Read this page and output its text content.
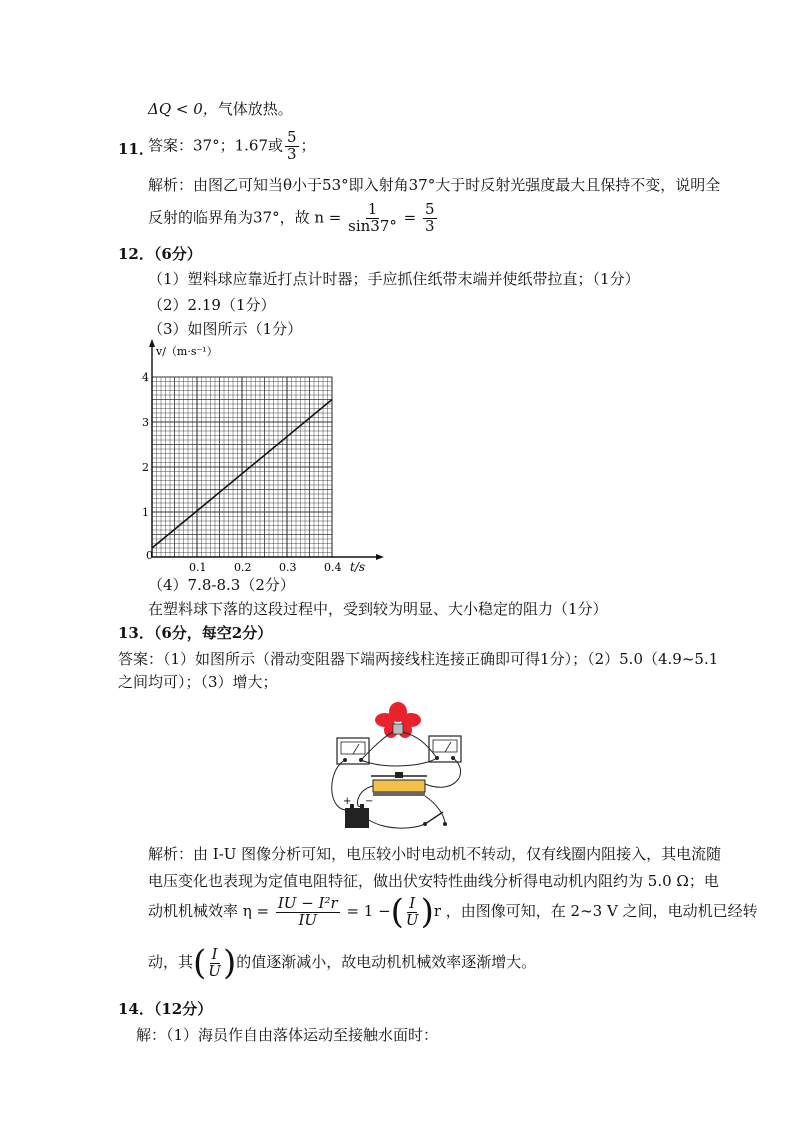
ΔQ < 0，气体放热。
11．
答案：37°；1.67或 $\frac{5}{3}$ ；
解析：由图乙可知当θ小于53°即入射角37°大于时反射光强度最大且保持不变，说明全
反射的临界角为37°，故 $n = \frac{1}{\sin 37^\circ} = \frac{5}{3}$
12．（6分）
（1）塑料球应靠近打点计时器；手应抓住纸带末端并使纸带拉直；（1分）
（2）2.19（1分）
（3）如图所示（1分）
v/（m·s⁻¹）
t/s
0
0.1	0.2	0.3	0.4
1
2
3
4
（4）7.8-8.3（2分）
在塑料球下落的这段过程中，受到较为明显、大小稳定的阻力（1分）
13．（6分，每空2分）
答案：（1）如图所示（滑动变阻器下端两接线柱连接正确即可得1分）；（2）5.0（4.9~5.1
之间均可）；（3）增大；
+ −
解析：由 I-U 图像分析可知，电压较小时电动机不转动，仅有线圈内阻接入，其电流随
电压变化也表现为定值电阻特征，做出伏安特性曲线分析得电动机内阻约为 5.0 Ω；电
动机机械效率 $\eta = \frac{\text{IU − I²r}}{IU} = 1$ −( $\frac{I}{U} )r$ ，由图像可知，在 2~3 V 之间，电动机已经转
动，其( $\frac{I}{U}$ )的值逐渐减小，故电动机机械效率逐渐增大。
14．（12分）
解：（1）海员作自由落体运动至接触水面时：
